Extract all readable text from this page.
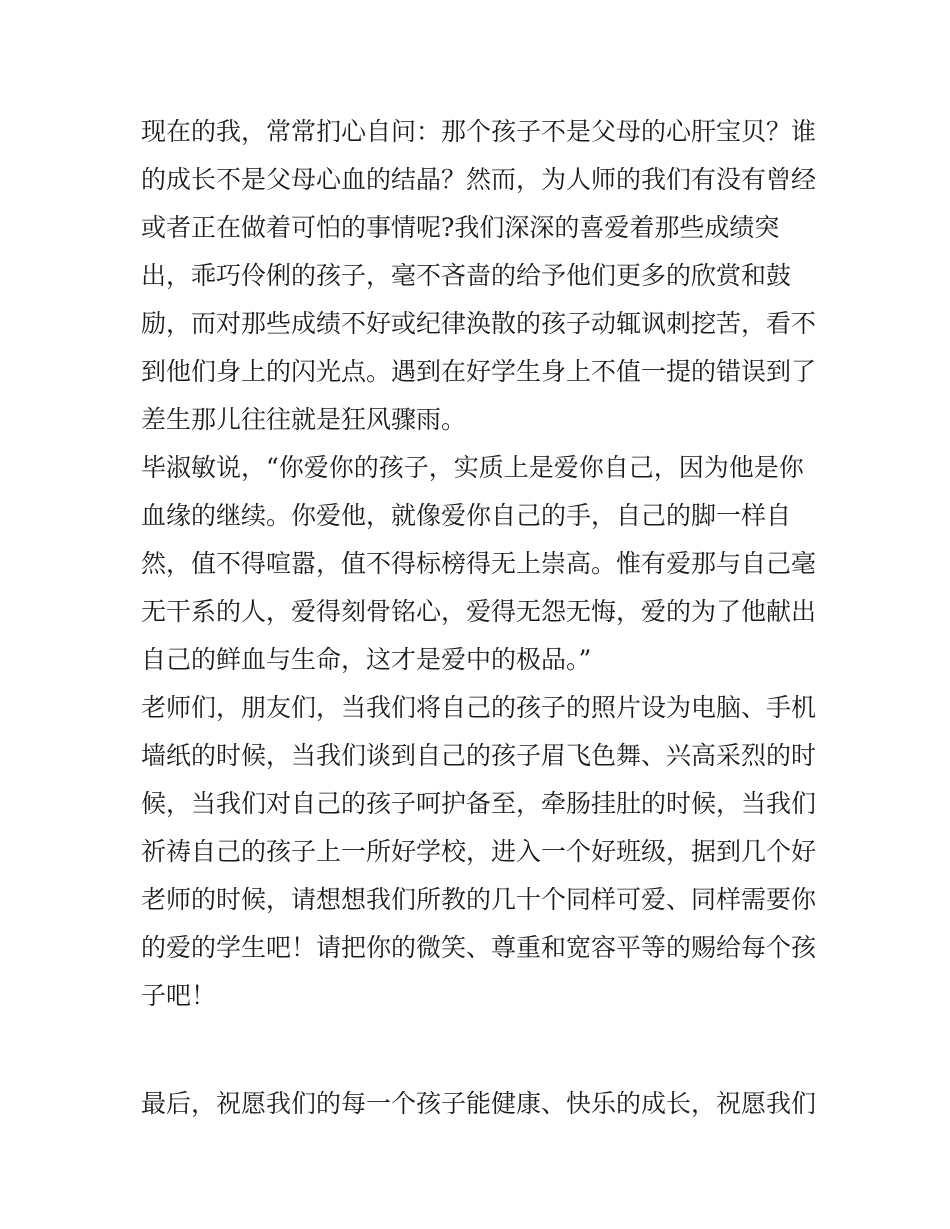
现在的我，常常扪心自问：那个孩子不是父母的心肝宝贝？谁
的成长不是父母心血的结晶？然而，为人师的我们有没有曾经
或者正在做着可怕的事情呢?我们深深的喜爱着那些成绩突
出，乖巧伶俐的孩子，毫不吝啬的给予他们更多的欣赏和鼓
励，而对那些成绩不好或纪律涣散的孩子动辄讽刺挖苦，看不
到他们身上的闪光点。遇到在好学生身上不值一提的错误到了
差生那儿往往就是狂风骤雨。
毕淑敏说，“你爱你的孩子，实质上是爱你自己，因为他是你
血缘的继续。你爱他，就像爱你自己的手，自己的脚一样自
然，值不得喧嚣，值不得标榜得无上崇高。惟有爱那与自己毫
无干系的人，爱得刻骨铭心，爱得无怨无悔，爱的为了他献出
自己的鲜血与生命，这才是爱中的极品。”
老师们，朋友们，当我们将自己的孩子的照片设为电脑、手机
墙纸的时候，当我们谈到自己的孩子眉飞色舞、兴高采烈的时
候，当我们对自己的孩子呵护备至，牵肠挂肚的时候，当我们
祈祷自己的孩子上一所好学校，进入一个好班级，据到几个好
老师的时候，请想想我们所教的几十个同样可爱、同样需要你
的爱的学生吧！请把你的微笑、尊重和宽容平等的赐给每个孩
子吧！
最后，祝愿我们的每一个孩子能健康、快乐的成长，祝愿我们
